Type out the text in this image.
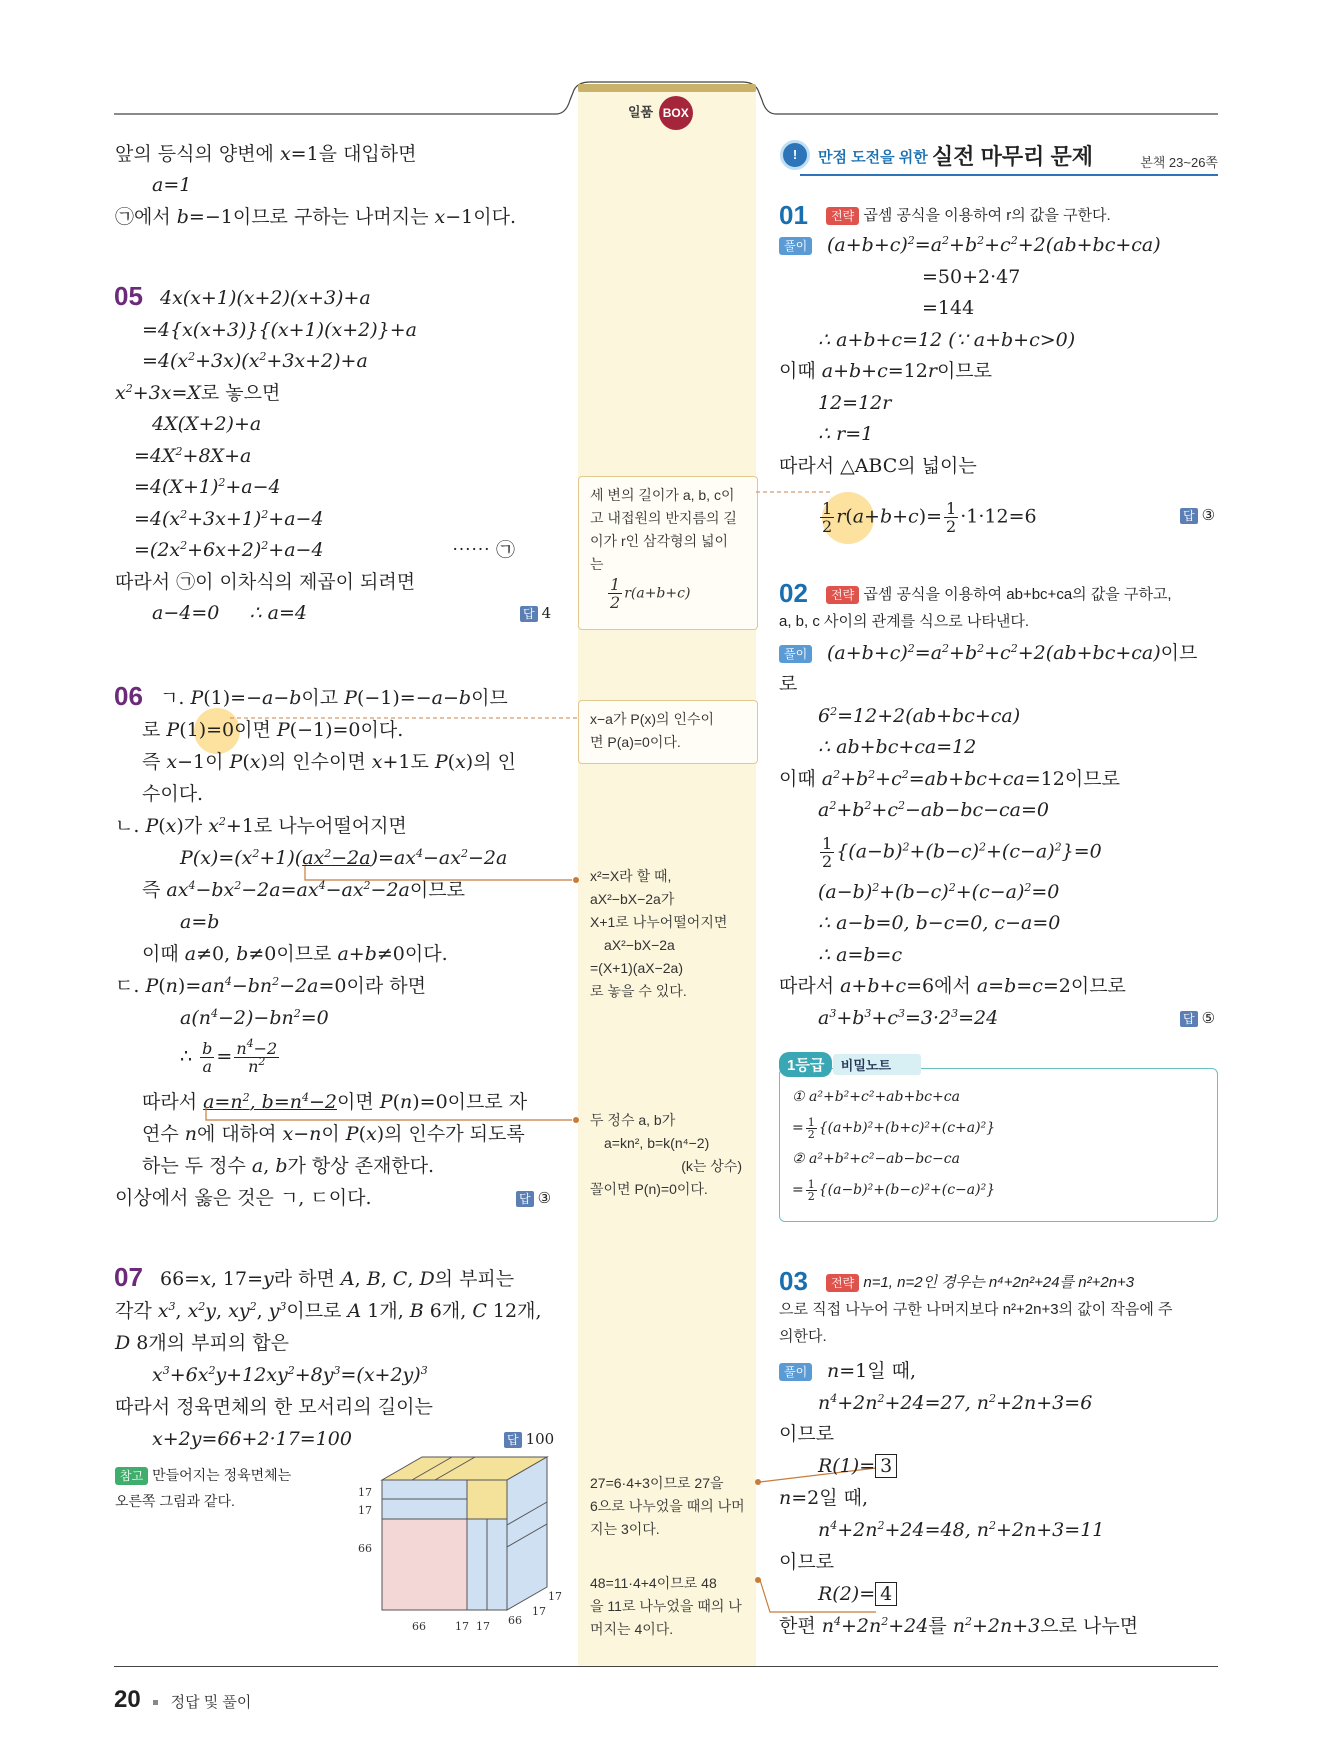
일품 BOX
!	만점 도전을 위한 실전 마무리 문제	본책 23~26쪽
앞의 등식의 양변에 x=1을 대입하면
a=1
㉠에서 b=−1이므로 구하는 나머지는 x−1이다.
05 4x(x+1)(x+2)(x+3)+a
=4{x(x+3)}{(x+1)(x+2)}+a
$=4(x^2+3x)(x^2+3x+2)+a$
$x^2+3x=X$로 놓으면
4X(X+2)+a
$=4X^2+8X+a$
$=4(X+1)^2+a-4$
$=4(x^2+3x+1)^2+a-4$
$=(2x^2+6x+2)^2+a-4$	⋯⋯ ㉠
따라서 ㉠이 이차식의 제곱이 되려면
a−4=0     ∴ a=4	답 4
06 ㄱ. P(1)=−a−b이고 P(−1)=−a−b이므
로 P(1)=0이면 P(−1)=0이다.
즉 x−1이 P(x)의 인수이면 x+1도 P(x)의 인
수이다.
ㄴ. P(x)가 $x^2+1$로 나누어떨어지면
$P(x)=(x^2+1)(ax^2-2a)=ax^4-ax^2-2a$
즉 $ax^4-bx^2-2a=ax^4-ax^2-2a$이므로
a=b
이때 a≠0, b≠0이므로 a+b≠0이다.
ㄷ. $P(n)=an^4-bn^2-2a=0$이라 하면
$a(n^4-2)-bn^2=0$
∴ $\frac{b}{a} = \frac{n^4-2}{n^2}$
따라서 $a=n^2$, $b=n^4-2$이면 P(n)=0이므로 자
연수 n에 대하여 x−n이 P(x)의 인수가 되도록
하는 두 정수 a, b가 항상 존재한다.
이상에서 옳은 것은 ㄱ, ㄷ이다.	답 ③
07 66=x, 17=y라 하면 A, B, C, D의 부피는
각각 $x^3$, $x^2y$, $xy^2$, $y^3$이므로 A 1개, B 6개, C 12개,
D 8개의 부피의 합은
$x^3+6x^2y+12xy^2+8y^3=(x+2y)^3$
따라서 정육면체의 한 모서리의 길이는
x+2y=66+2·17=100	답 100
참고 만들어지는 정육면체는
오른쪽 그림과 같다.
17
17
66
17
17
66
66	17 17
세 변의 길이가 a, b, c이
고 내접원의 반지름의 길
이가 r인 삼각형의 넓이
는
$\frac{1}{2} r(a+b+c)$
x−a가 P(x)의 인수이
면 P(a)=0이다.
x²=X라 할 때,
aX²−bX−2a가
X+1로 나누어떨어지면
aX²−bX−2a
=(X+1)(aX−2a)
로 놓을 수 있다.
두 정수 a, b가
a=kn², b=k(n⁴−2)
(k는 상수)
꼴이면 P(n)=0이다.
27=6·4+3이므로 27을
6으로 나누었을 때의 나머
지는 3이다.
48=11·4+4이므로 48
을 11로 나누었을 때의 나
머지는 4이다.
01	전략 곱셈 공식을 이용하여 r의 값을 구한다.
풀이 $(a+b+c)^2=a^2+b^2+c^2+2(ab+bc+ca)$
=50+2·47
=144
∴ a+b+c=12 (∵ a+b+c>0)
이때 a+b+c=12r이므로
12=12r
∴ r=1
따라서 △ABC의 넓이는
$\frac{1}{2} r(a+b+c)= \frac{1}{2} \cdot 1\cdot 12=6$	답 ③
02	전략 곱셈 공식을 이용하여 ab+bc+ca의 값을 구하고,
a, b, c 사이의 관계를 식으로 나타낸다.
풀이 $(a+b+c)^2=a^2+b^2+c^2+2(ab+bc+ca)$이므
로
$6^2=12+2(ab+bc+ca)$
∴ ab+bc+ca=12
이때 $a^2+b^2+c^2=ab+bc+ca=12$이므로
$a^2+b^2+c^2-ab-bc-ca=0$
$\frac{1}{2} \{(a-b)^2+(b-c)^2+(c-a)^2\}=0$
$(a-b)^2+(b-c)^2+(c-a)^2=0$
∴ a−b=0, b−c=0, c−a=0
∴ a=b=c
따라서 a+b+c=6에서 a=b=c=2이므로
$a^3+b^3+c^3=3\cdot 2^3=24$	답 ⑤
1등급 비밀노트
① a²+b²+c²+ab+bc+ca
= $\frac{1}{2} \{(a+b)^2+(b+c)^2+(c+a)^2\}$
② a²+b²+c²−ab−bc−ca
= $\frac{1}{2} \{(a-b)^2+(b-c)^2+(c-a)^2\}$
03	전략 n=1, n=2인 경우는 n⁴+2n²+24를 n²+2n+3
으로 직접 나누어 구한 나머지보다 n²+2n+3의 값이 작음에 주
의한다.
풀이 n=1일 때,
$n^4+2n^2+24=27$, $n^2+2n+3=6$
이므로
R(1)= 3
n=2일 때,
$n^4+2n^2+24=48$, $n^2+2n+3=11$
이므로
R(2)= 4
한편 $n^4+2n^2+24$를 $n^2+2n+3$으로 나누면
20 정답 및 풀이
